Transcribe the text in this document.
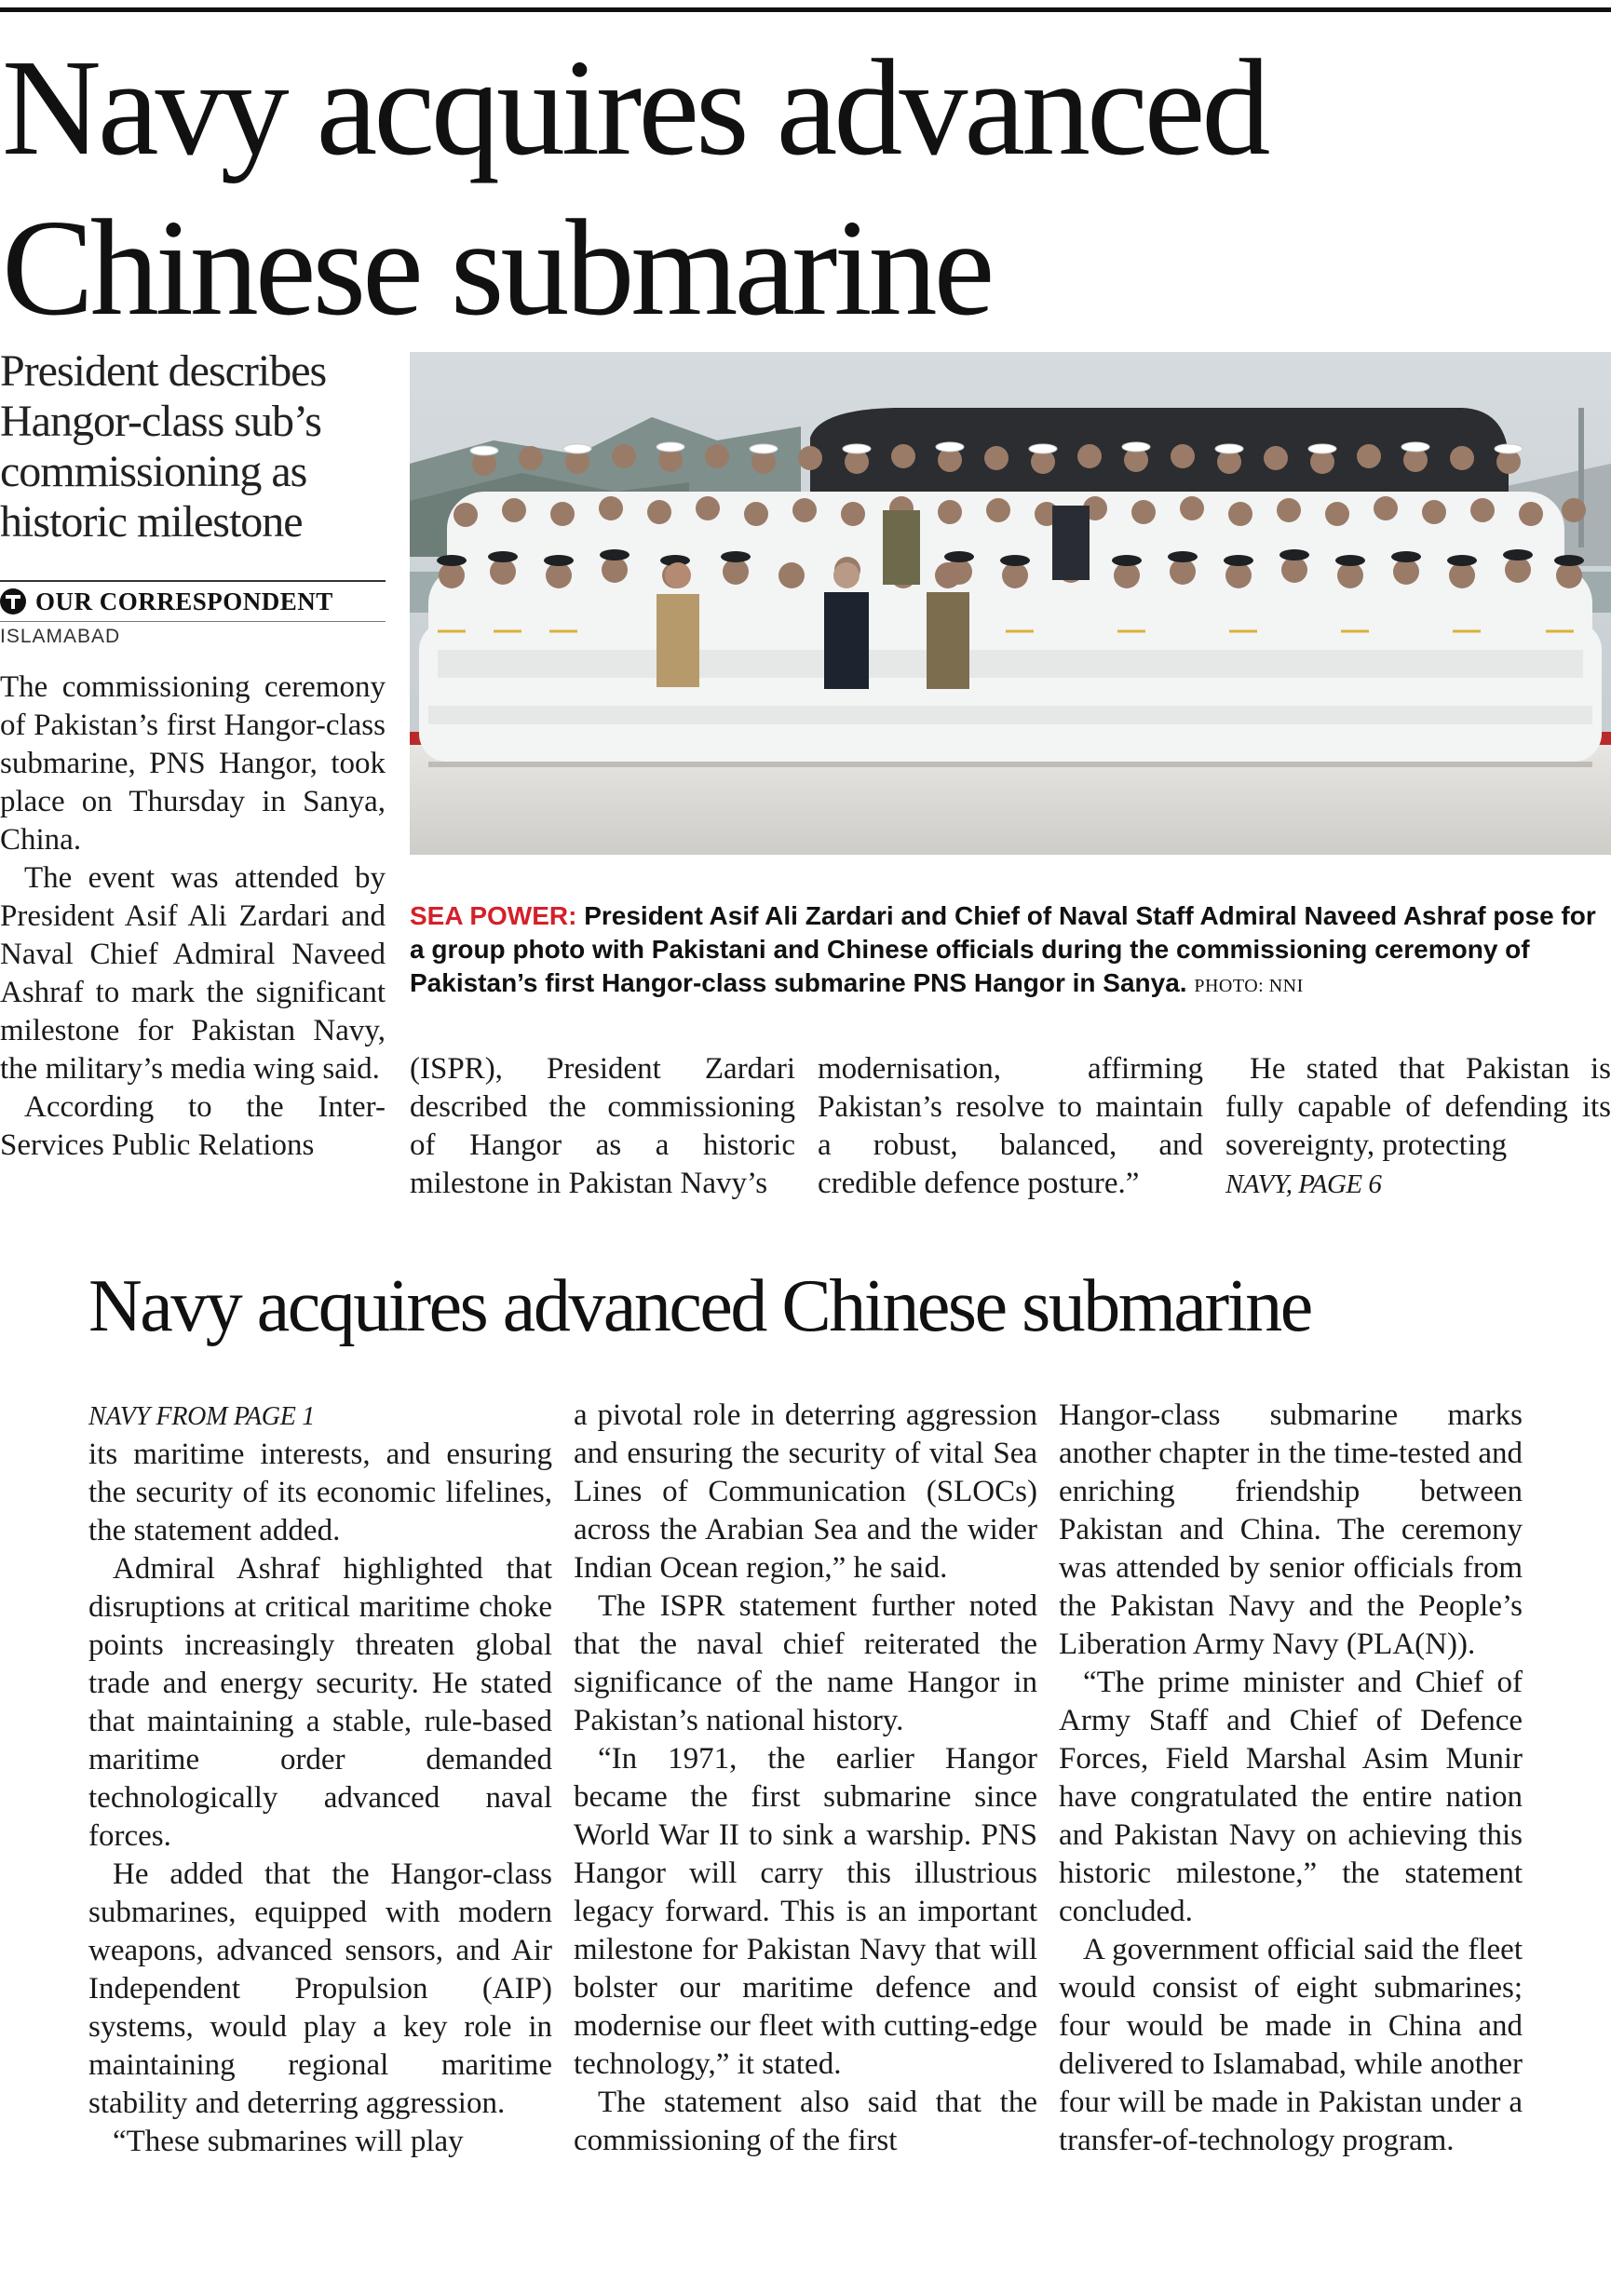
Navy acquires advanced
Chinese submarine
President describes
Hangor-class sub’s
commissioning as
historic milestone
OUR CORRESPONDENT
ISLAMABAD

The commissioning ceremony of Pakistan’s first Hangor-class submarine, PNS Hangor, took place on Thursday in Sanya, China.

The event was attended by President Asif Ali Zardari and Naval Chief Admiral Naveed Ashraf to mark the significant milestone for Pakistan Navy, the military’s media wing said.

According to the Inter-Services Public Relations

SEA POWER: President Asif Ali Zardari and Chief of Naval Staff Admiral Naveed Ashraf pose for a group photo with Pakistani and Chinese officials during the commissioning ceremony of Pakistan’s first Hangor-class submarine PNS Hangor in Sanya. PHOTO: NNI

(ISPR), President Zardari described the commissioning of Hangor as a historic milestone in Pakistan Navy’s

modernisation, affirming Pakistan’s resolve to maintain a robust, balanced, and credible defence posture.”

He stated that Pakistan is fully capable of defending its sovereignty, protecting

NAVY, PAGE 6

Navy acquires advanced Chinese submarine

NAVY FROM PAGE 1

its maritime interests, and ensuring the security of its economic lifelines, the statement added.

Admiral Ashraf highlighted that disruptions at critical maritime choke points increasingly threaten global trade and energy security. He stated that maintaining a stable, rule-based maritime order demanded technologically advanced naval forces.

He added that the Hangor-class submarines, equipped with modern weapons, advanced sensors, and Air Independent Propulsion (AIP) systems, would play a key role in maintaining regional maritime stability and deterring aggression.

“These submarines will play

a pivotal role in deterring aggression and ensuring the security of vital Sea Lines of Communication (SLOCs) across the Arabian Sea and the wider Indian Ocean region,” he said.

The ISPR statement further noted that the naval chief reiterated the significance of the name Hangor in Pakistan’s national history.

“In 1971, the earlier Hangor became the first submarine since World War II to sink a warship. PNS Hangor will carry this illustrious legacy forward. This is an important milestone for Pakistan Navy that will bolster our maritime defence and modernise our fleet with cutting-edge technology,” it stated.

The statement also said that the commissioning of the first

Hangor-class submarine marks another chapter in the time-tested and enriching friendship between Pakistan and China. The ceremony was attended by senior officials from the Pakistan Navy and the People’s Liberation Army Navy (PLA(N)).

“The prime minister and Chief of Army Staff and Chief of Defence Forces, Field Marshal Asim Munir have congratulated the entire nation and Pakistan Navy on achieving this historic milestone,” the statement concluded.

A government official said the fleet would consist of eight submarines; four would be made in China and delivered to Islamabad, while another four will be made in Pakistan under a transfer-of-technology program.
